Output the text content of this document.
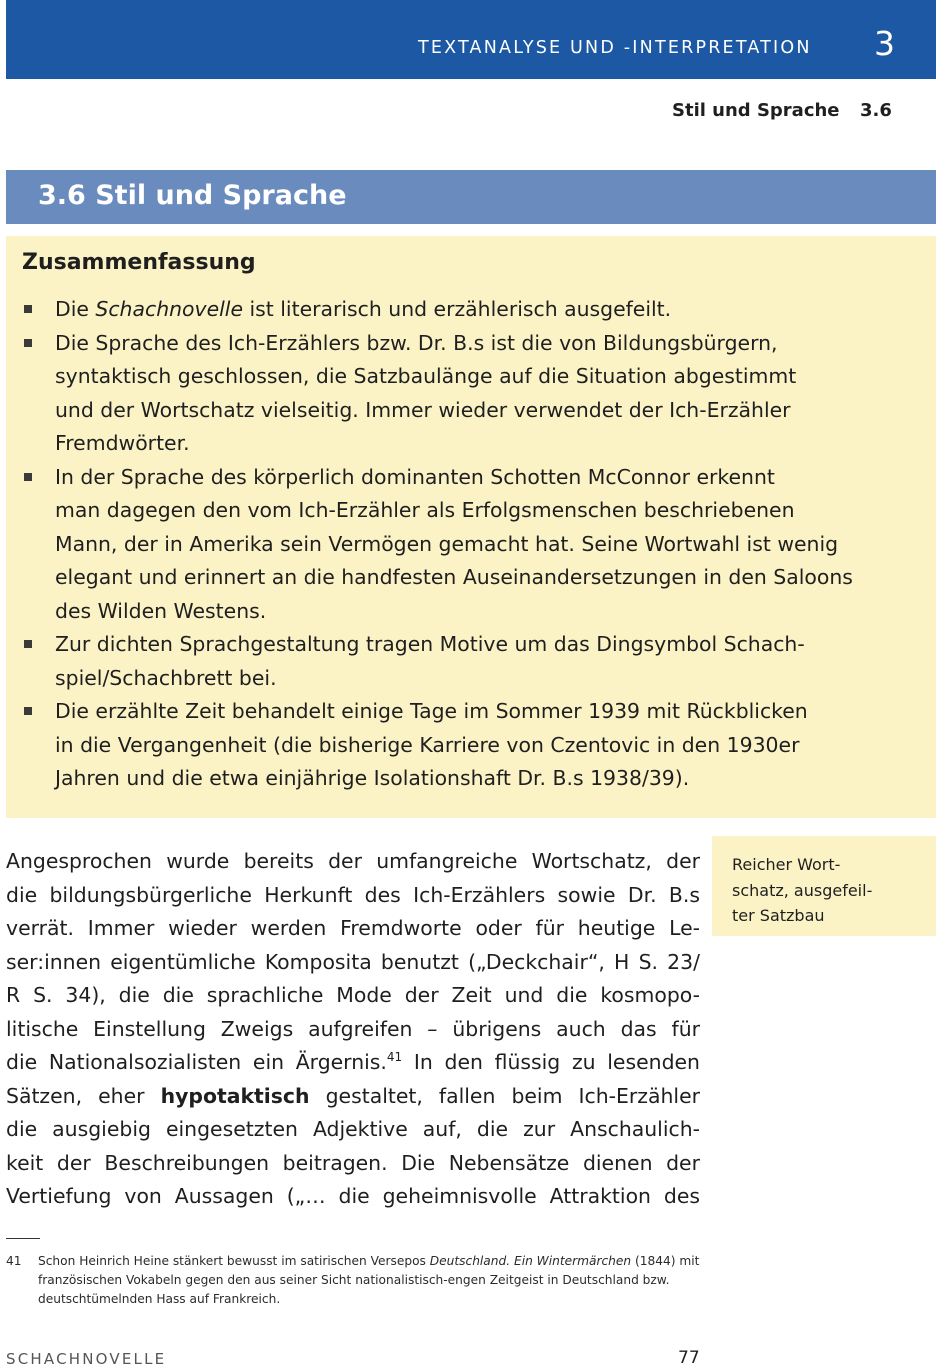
TEXTANALYSE UND -INTERPRETATION 3
Stil und Sprache 3.6
3.6 Stil und Sprache
Zusammenfassung
Die Schachnovelle ist literarisch und erzählerisch ausgefeilt.
Die Sprache des Ich-Erzählers bzw. Dr. B.s ist die von Bildungsbürgern,
syntaktisch geschlossen, die Satzbaulänge auf die Situation abgestimmt
und der Wortschatz vielseitig. Immer wieder verwendet der Ich-Erzähler
Fremdwörter.
In der Sprache des körperlich dominanten Schotten McConnor erkennt
man dagegen den vom Ich-Erzähler als Erfolgsmenschen beschriebenen
Mann, der in Amerika sein Vermögen gemacht hat. Seine Wortwahl ist wenig
elegant und erinnert an die handfesten Auseinandersetzungen in den Saloons
des Wilden Westens.
Zur dichten Sprachgestaltung tragen Motive um das Dingsymbol Schach-
spiel/Schachbrett bei.
Die erzählte Zeit behandelt einige Tage im Sommer 1939 mit Rückblicken
in die Vergangenheit (die bisherige Karriere von Czentovic in den 1930er
Jahren und die etwa einjährige Isolationshaft Dr. B.s 1938/39).
Angesprochen wurde bereits der umfangreiche Wortschatz, der
die bildungsbürgerliche Herkunft des Ich-Erzählers sowie Dr. B.s
verrät. Immer wieder werden Fremdworte oder für heutige Le-
ser:innen eigentümliche Komposita benutzt („Deckchair“, H S. 23/
R S. 34), die die sprachliche Mode der Zeit und die kosmopo-
litische Einstellung Zweigs aufgreifen – übrigens auch das für
die Nationalsozialisten ein Ärgernis.$^{41}$ In den flüssig zu lesenden
Sätzen, eher hypotaktisch gestaltet, fallen beim Ich-Erzähler
die ausgiebig eingesetzten Adjektive auf, die zur Anschaulich-
keit der Beschreibungen beitragen. Die Nebensätze dienen der
Vertiefung von Aussagen („… die geheimnisvolle Attraktion des
Reicher Wort-
schatz, ausgefeil-
ter Satzbau
41 Schon Heinrich Heine stänkert bewusst im satirischen Versepos Deutschland. Ein Wintermärchen (1844) mit französischen Vokabeln gegen den aus seiner Sicht nationalistisch-engen Zeitgeist in Deutschland bzw. deutschtümelnden Hass auf Frankreich.
SCHACHNOVELLE	77
